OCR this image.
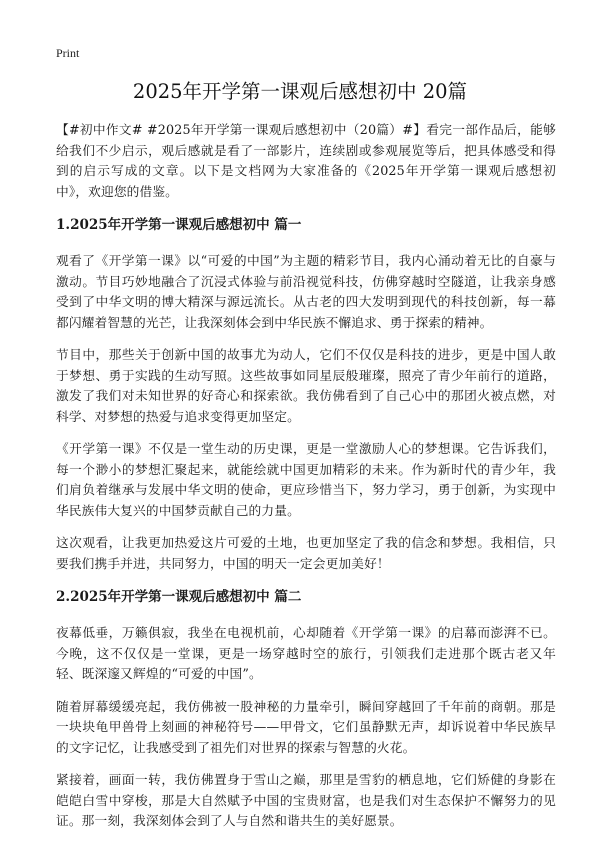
Print
2025年开学第一课观后感想初中 20篇

【#初中作文# #2025年开学第一课观后感想初中（20篇）#】看完一部作品后，能够给我们不少启示，观后感就是看了一部影片，连续剧或参观展览等后，把具体感受和得到的启示写成的文章。以下是文档网为大家准备的《2025年开学第一课观后感想初中》，欢迎您的借鉴。

1.2025年开学第一课观后感想初中 篇一

观看了《开学第一课》以“可爱的中国”为主题的精彩节目，我内心涌动着无比的自豪与激动。节目巧妙地融合了沉浸式体验与前沿视觉科技，仿佛穿越时空隧道，让我亲身感受到了中华文明的博大精深与源远流长。从古老的四大发明到现代的科技创新，每一幕都闪耀着智慧的光芒，让我深刻体会到中华民族不懈追求、勇于探索的精神。

节目中，那些关于创新中国的故事尤为动人，它们不仅仅是科技的进步，更是中国人敢于梦想、勇于实践的生动写照。这些故事如同星辰般璀璨，照亮了青少年前行的道路，激发了我们对未知世界的好奇心和探索欲。我仿佛看到了自己心中的那团火被点燃，对科学、对梦想的热爱与追求变得更加坚定。

《开学第一课》不仅是一堂生动的历史课，更是一堂激励人心的梦想课。它告诉我们，每一个渺小的梦想汇聚起来，就能绘就中国更加精彩的未来。作为新时代的青少年，我们肩负着继承与发展中华文明的使命，更应珍惜当下，努力学习，勇于创新，为实现中华民族伟大复兴的中国梦贡献自己的力量。

这次观看，让我更加热爱这片可爱的土地，也更加坚定了我的信念和梦想。我相信，只要我们携手并进，共同努力，中国的明天一定会更加美好！

2.2025年开学第一课观后感想初中 篇二

夜幕低垂，万籁俱寂，我坐在电视机前，心却随着《开学第一课》的启幕而澎湃不已。今晚，这不仅仅是一堂课，更是一场穿越时空的旅行，引领我们走进那个既古老又年轻、既深邃又辉煌的“可爱的中国”。

随着屏幕缓缓亮起，我仿佛被一股神秘的力量牵引，瞬间穿越回了千年前的商朝。那是一块块龟甲兽骨上刻画的神秘符号——甲骨文，它们虽静默无声，却诉说着中华民族早的文字记忆，让我感受到了祖先们对世界的探索与智慧的火花。

紧接着，画面一转，我仿佛置身于雪山之巅，那里是雪豹的栖息地，它们矫健的身影在皑皑白雪中穿梭，那是大自然赋予中国的宝贵财富，也是我们对生态保护不懈努力的见证。那一刻，我深刻体会到了人与自然和谐共生的美好愿景。
